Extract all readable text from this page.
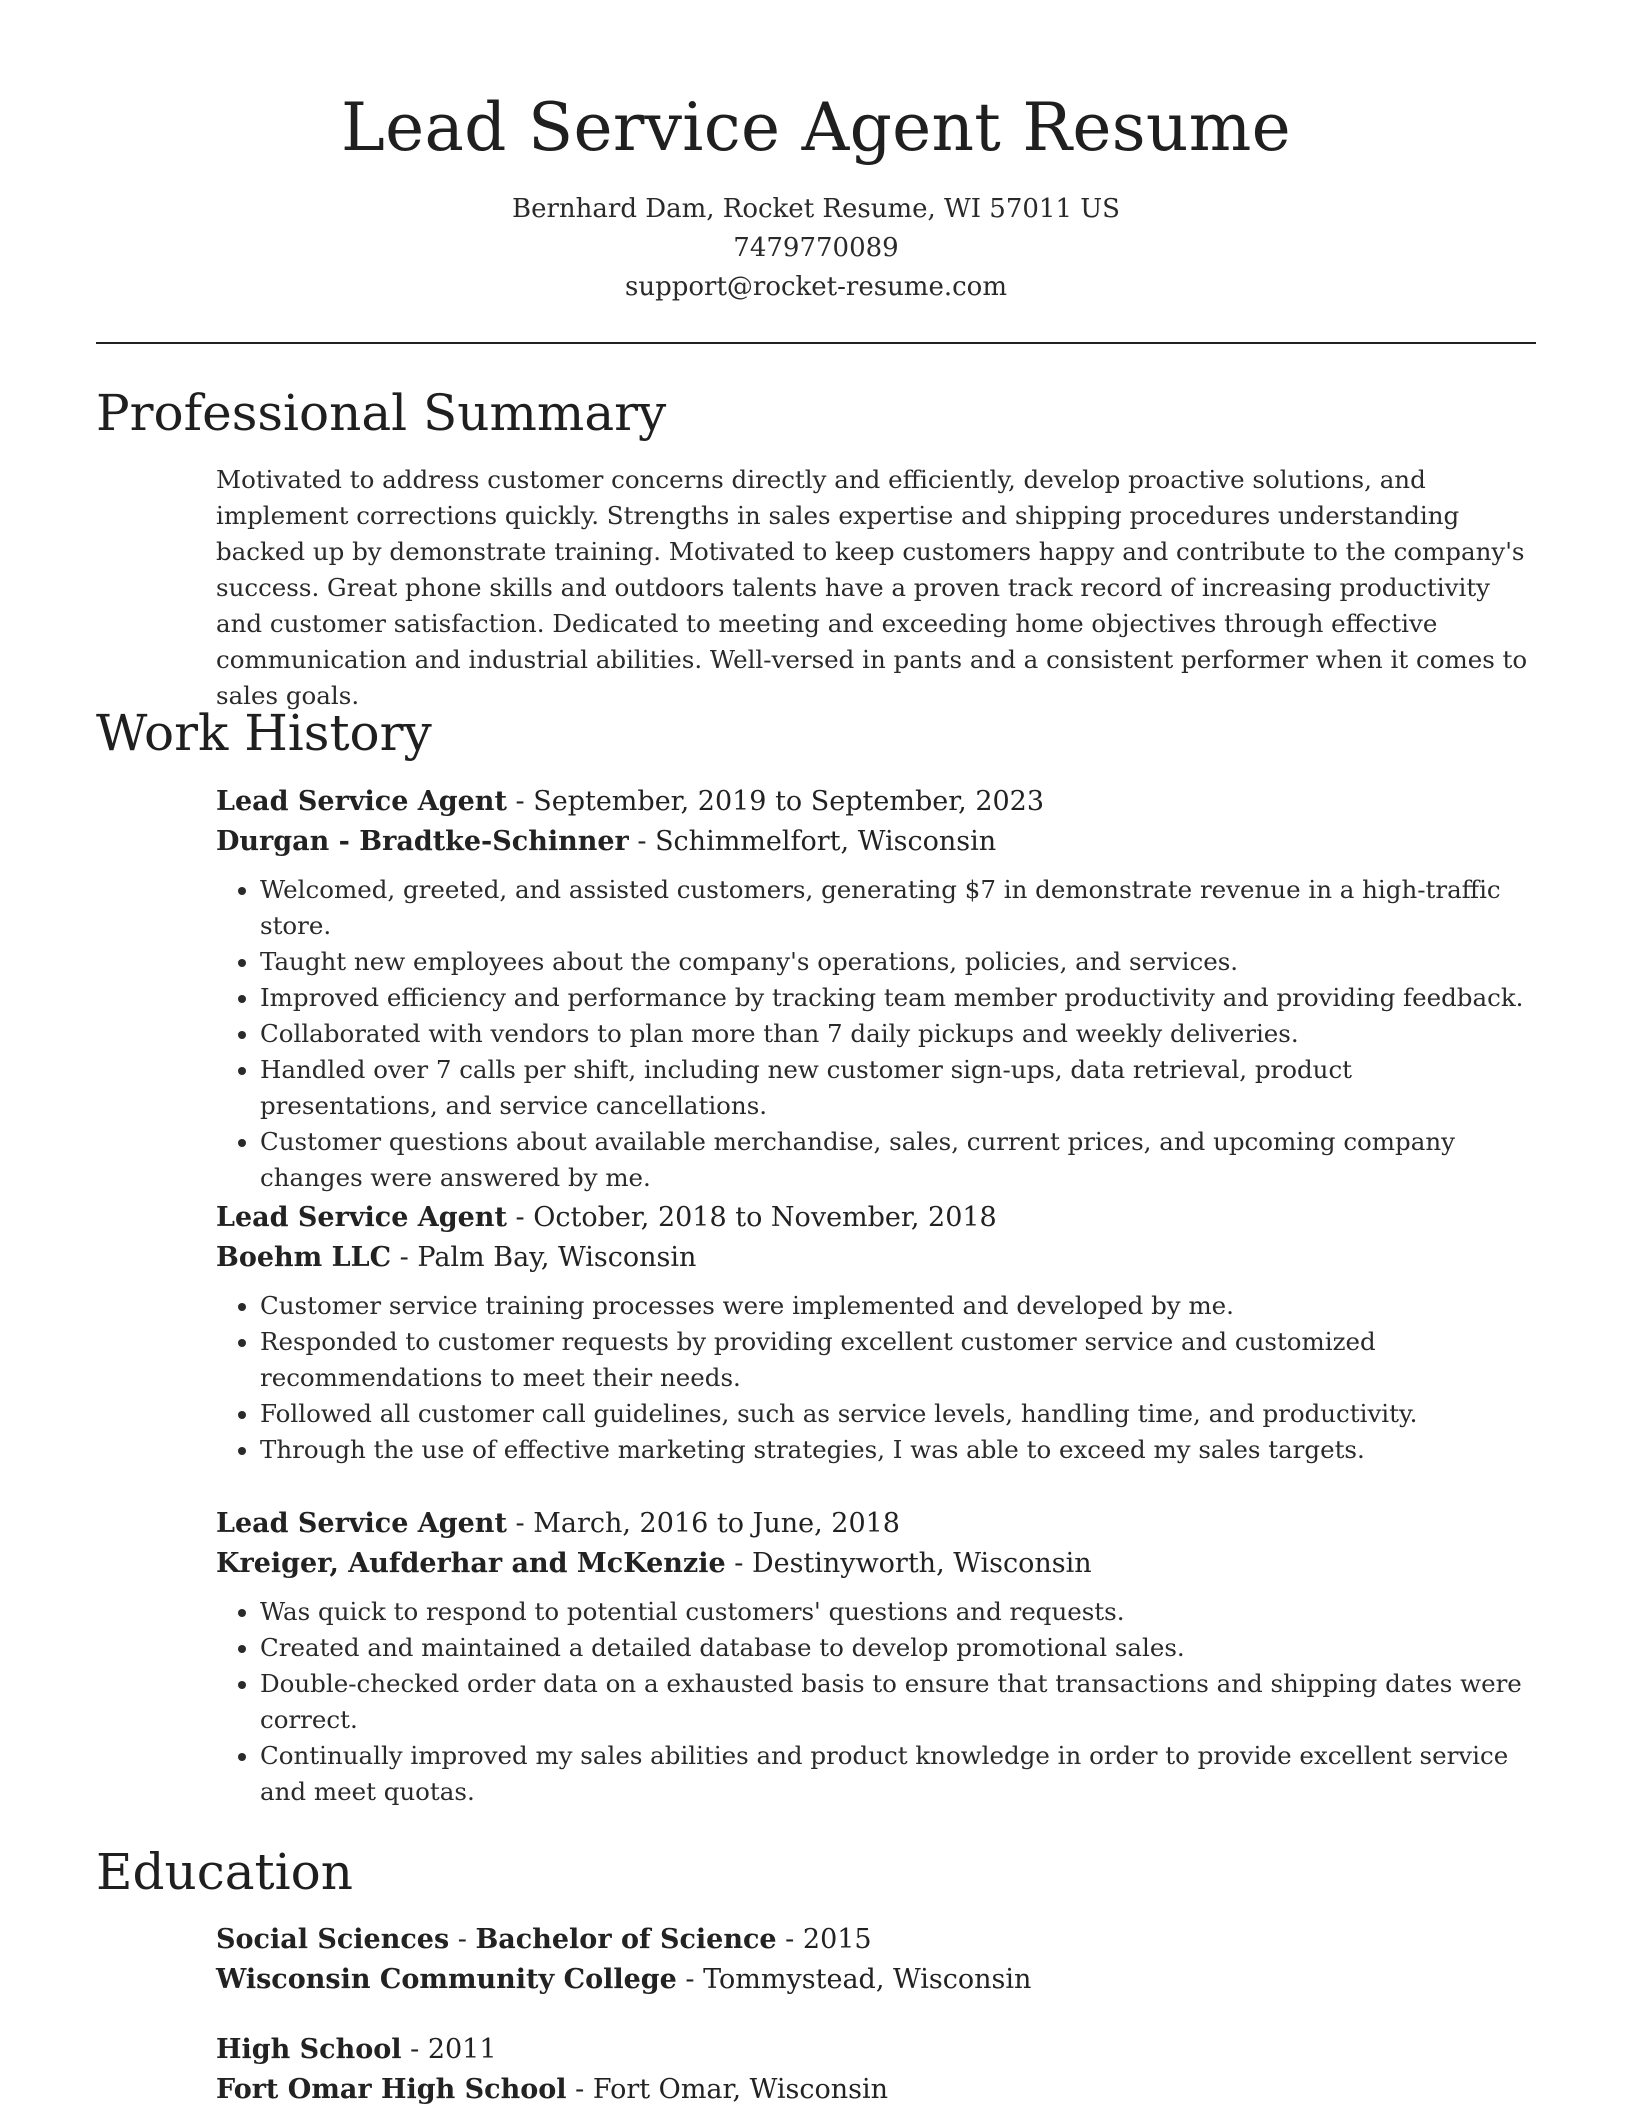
Lead Service Agent Resume
Bernhard Dam, Rocket Resume, WI 57011 US
7479770089
support@rocket-resume.com
Professional Summary

Motivated to address customer concerns directly and efficiently, develop proactive solutions, and implement corrections quickly. Strengths in sales expertise and shipping procedures understanding backed up by demonstrate training. Motivated to keep customers happy and contribute to the company's success. Great phone skills and outdoors talents have a proven track record of increasing productivity and customer satisfaction. Dedicated to meeting and exceeding home objectives through effective communication and industrial abilities. Well-versed in pants and a consistent performer when it comes to sales goals.

Work History
Lead Service Agent - September, 2019 to September, 2023
Durgan - Bradtke-Schinner - Schimmelfort, Wisconsin
• Welcomed, greeted, and assisted customers, generating $7 in demonstrate revenue in a high-traffic store.
• Taught new employees about the company's operations, policies, and services.
• Improved efficiency and performance by tracking team member productivity and providing feedback.
• Collaborated with vendors to plan more than 7 daily pickups and weekly deliveries.
• Handled over 7 calls per shift, including new customer sign-ups, data retrieval, product presentations, and service cancellations.
• Customer questions about available merchandise, sales, current prices, and upcoming company changes were answered by me.
Lead Service Agent - October, 2018 to November, 2018
Boehm LLC - Palm Bay, Wisconsin
• Customer service training processes were implemented and developed by me.
• Responded to customer requests by providing excellent customer service and customized recommendations to meet their needs.
• Followed all customer call guidelines, such as service levels, handling time, and productivity.
• Through the use of effective marketing strategies, I was able to exceed my sales targets.
Lead Service Agent - March, 2016 to June, 2018
Kreiger, Aufderhar and McKenzie - Destinyworth, Wisconsin
• Was quick to respond to potential customers' questions and requests.
• Created and maintained a detailed database to develop promotional sales.
• Double-checked order data on a exhausted basis to ensure that transactions and shipping dates were correct.
• Continually improved my sales abilities and product knowledge in order to provide excellent service and meet quotas.
Education
Social Sciences - Bachelor of Science - 2015
Wisconsin Community College - Tommystead, Wisconsin
High School - 2011
Fort Omar High School - Fort Omar, Wisconsin
